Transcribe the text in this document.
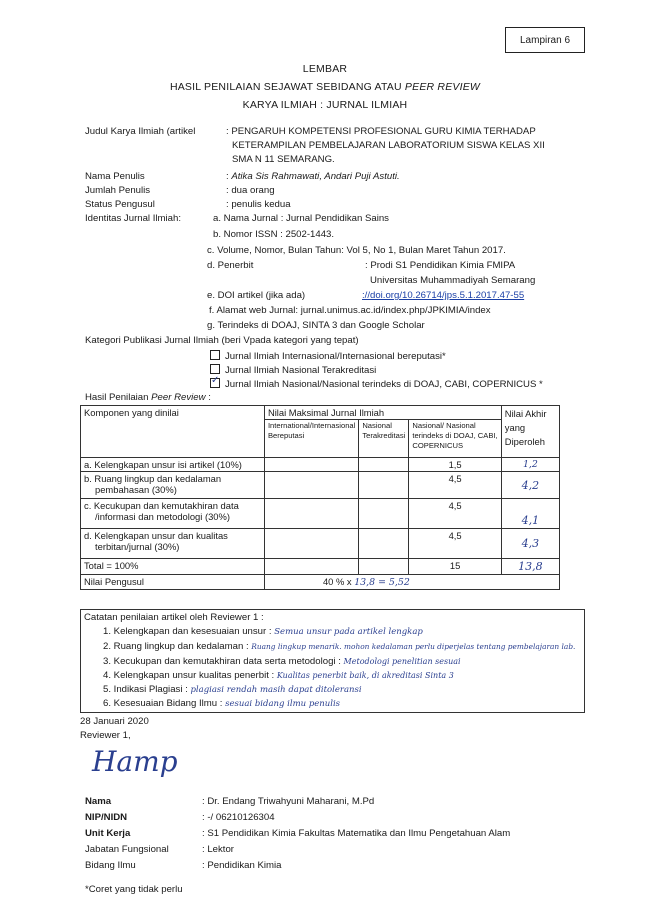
Lampiran 6
LEMBAR
HASIL PENILAIAN SEJAWAT SEBIDANG ATAU PEER REVIEW
KARYA ILMIAH : JURNAL ILMIAH
Judul Karya Ilmiah (artikel	: PENGARUH KOMPETENSI PROFESIONAL GURU KIMIA TERHADAP
KETERAMPILAN PEMBELAJARAN LABORATORIUM SISWA KELAS XII
SMA N 11 SEMARANG.
Nama Penulis	: Atika Sis Rahmawati, Andari Puji Astuti.
Jumlah Penulis	: dua orang
Status Pengusul	: penulis kedua
Identitas Jurnal Ilmiah:	a. Nama Jurnal : Jurnal Pendidikan Sains
b. Nomor ISSN : 2502-1443.
c. Volume, Nomor, Bulan Tahun: Vol 5, No 1, Bulan Maret Tahun 2017.
d. Penerbit	: Prodi S1 Pendidikan Kimia FMIPA
Universitas Muhammadiyah Semarang
e. DOI artikel (jika ada)	://doi.org/10.26714/jps.5.1.2017.47-55
f. Alamat web Jurnal: jurnal.unimus.ac.id/index.php/JPKIMIA/index
g. Terindeks di DOAJ, SINTA 3 dan Google Scholar
Kategori Publikasi Jurnal Ilmiah (beri Vpada kategori yang tepat)
Jurnal Ilmiah Internasional/Internasional bereputasi*
Jurnal Ilmiah Nasional Terakreditasi
✓Jurnal Ilmiah Nasional/Nasional terindeks di DOAJ, CABI, COPERNICUS *
Hasil Penilaian Peer Review :
Komponen yang dinilai	Nilai Maksimal Jurnal Ilmiah			Nilai Akhir yang Diperoleh
	International/Internasional Bereputasi	Nasional Terakreditasi	Nasional/ Nasional terindeks di DOAJ, CABI, COPERNICUS	
a. Kelengkapan unsur isi artikel (10%)			1,5	1,2
b. Ruang lingkup dan kedalaman pembahasan (30%)			4,5	4,2
c. Kecukupan dan kemutakhiran data /informasi dan metodologi (30%)			4,5	4,1
d. Kelengkapan unsur dan kualitas terbitan/jurnal (30%)			4,5	4,3
Total = 100%			15	13,8
Nilai Pengusul	40 % x 13,8 = 5,52			
Catatan penilaian artikel oleh Reviewer 1 :
1. Kelengkapan dan kesesuaian unsur : Semua unsur pada artikel lengkap
2. Ruang lingkup dan kedalaman : Ruang lingkup menarik. mohon kedalaman perlu diperjelas tentang pembelajaran lab.
3. Kecukupan dan kemutakhiran data serta metodologi : Metodologi penelitian sesuai
4. Kelengkapan unsur kualitas penerbit : Kualitas penerbit baik, di akreditasi Sinta 3
5. Indikasi Plagiasi : plagiasi rendah masih dapat ditoleransi
6. Kesesuaian Bidang Ilmu : sesuai bidang ilmu penulis
28 Januari 2020
Reviewer 1,
Hamp
Nama	: Dr. Endang Triwahyuni Maharani, M.Pd
NIP/NIDN	: -/ 06210126304
Unit Kerja	: S1 Pendidikan Kimia Fakultas Matematika dan Ilmu Pengetahuan Alam
Jabatan Fungsional	: Lektor
Bidang Ilmu	: Pendidikan Kimia
*Coret yang tidak perlu
